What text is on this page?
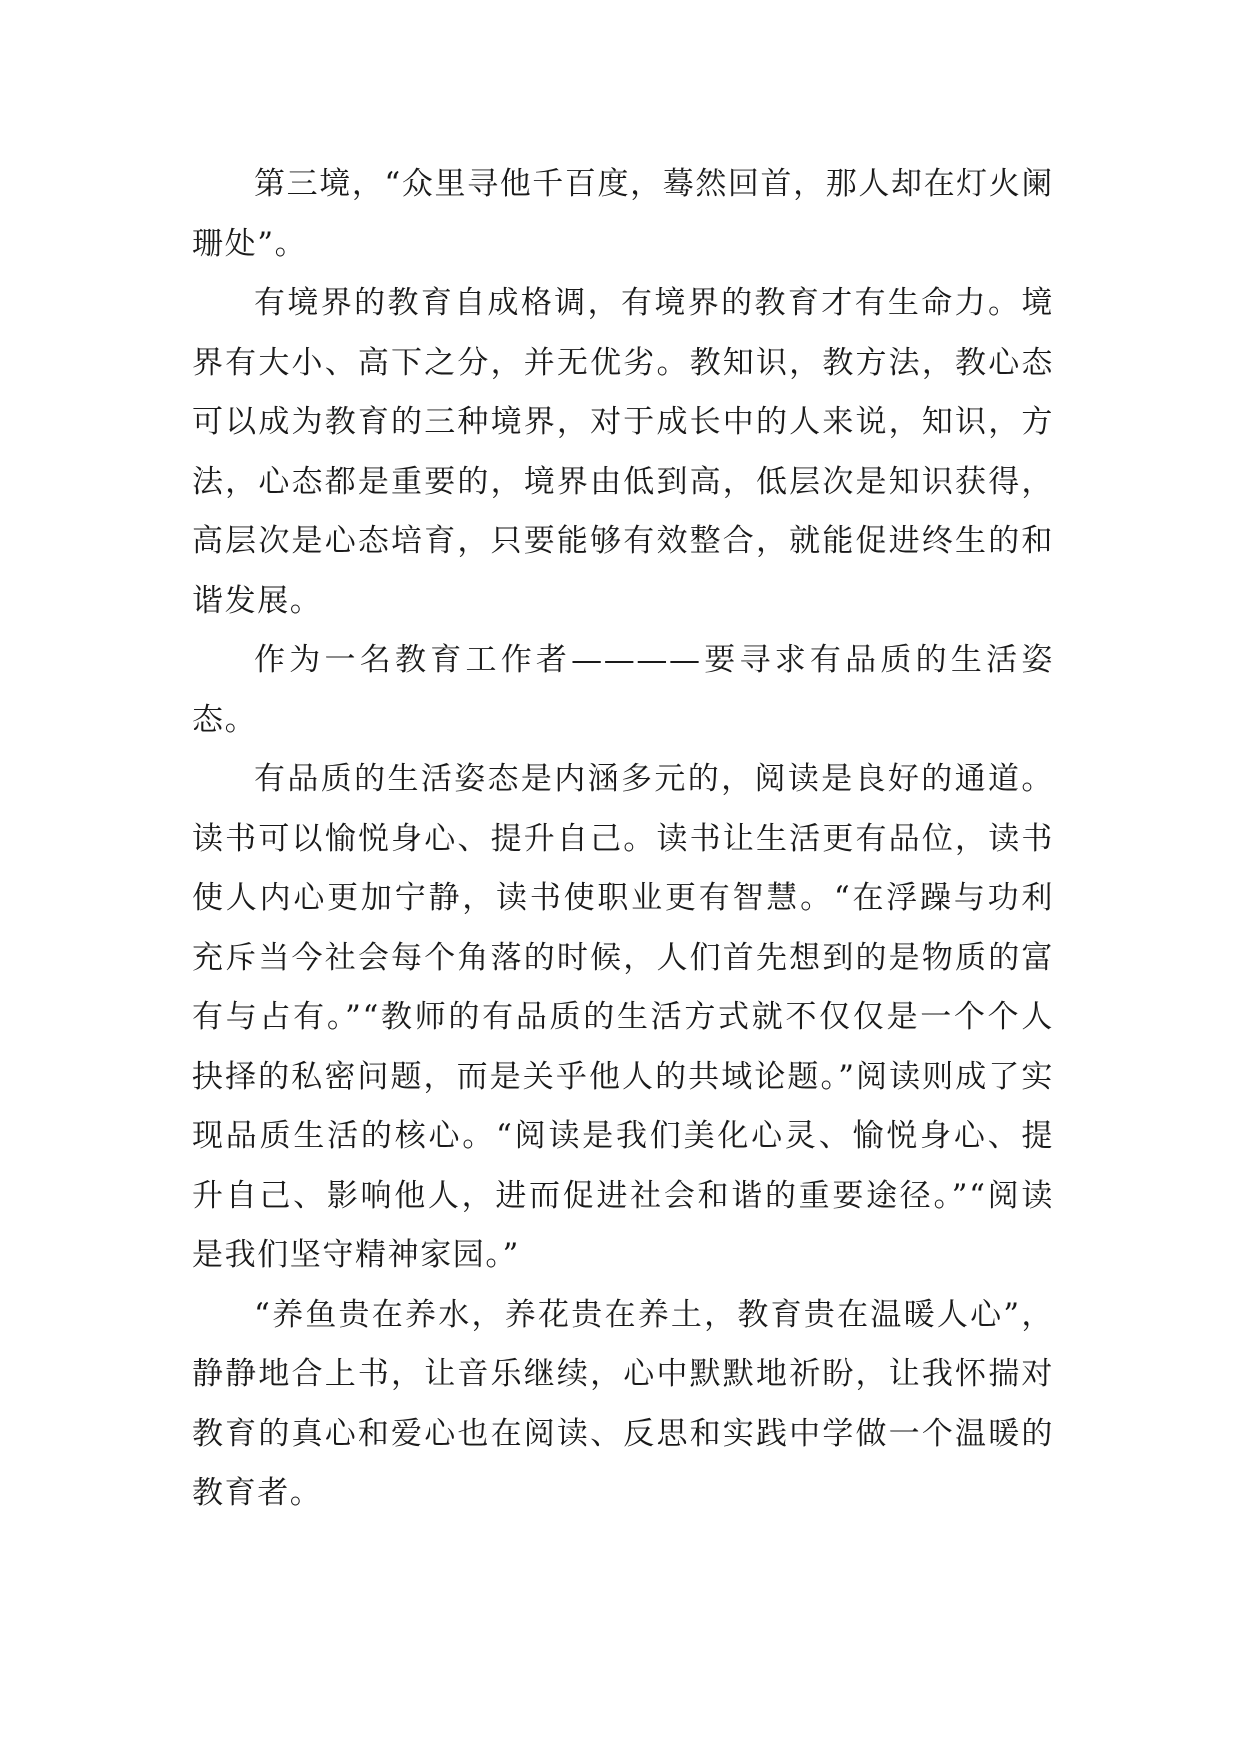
第三境，“众里寻他千百度，蓦然回首，那人却在灯火阑珊处”。

有境界的教育自成格调，有境界的教育才有生命力。境界有大小、高下之分，并无优劣。教知识，教方法，教心态可以成为教育的三种境界，对于成长中的人来说，知识，方法，心态都是重要的，境界由低到高，低层次是知识获得，高层次是心态培育，只要能够有效整合，就能促进终生的和谐发展。

作为一名教育工作者————要寻求有品质的生活姿态。

有品质的生活姿态是内涵多元的，阅读是良好的通道。读书可以愉悦身心、提升自己。读书让生活更有品位，读书使人内心更加宁静，读书使职业更有智慧。“在浮躁与功利充斥当今社会每个角落的时候，人们首先想到的是物质的富有与占有。”“教师的有品质的生活方式就不仅仅是一个个人抉择的私密问题，而是关乎他人的共域论题。”阅读则成了实现品质生活的核心。“阅读是我们美化心灵、愉悦身心、提升自己、影响他人，进而促进社会和谐的重要途径。”“阅读是我们坚守精神家园。”

“养鱼贵在养水，养花贵在养土，教育贵在温暖人心”，静静地合上书，让音乐继续，心中默默地祈盼，让我怀揣对教育的真心和爱心也在阅读、反思和实践中学做一个温暖的教育者。
